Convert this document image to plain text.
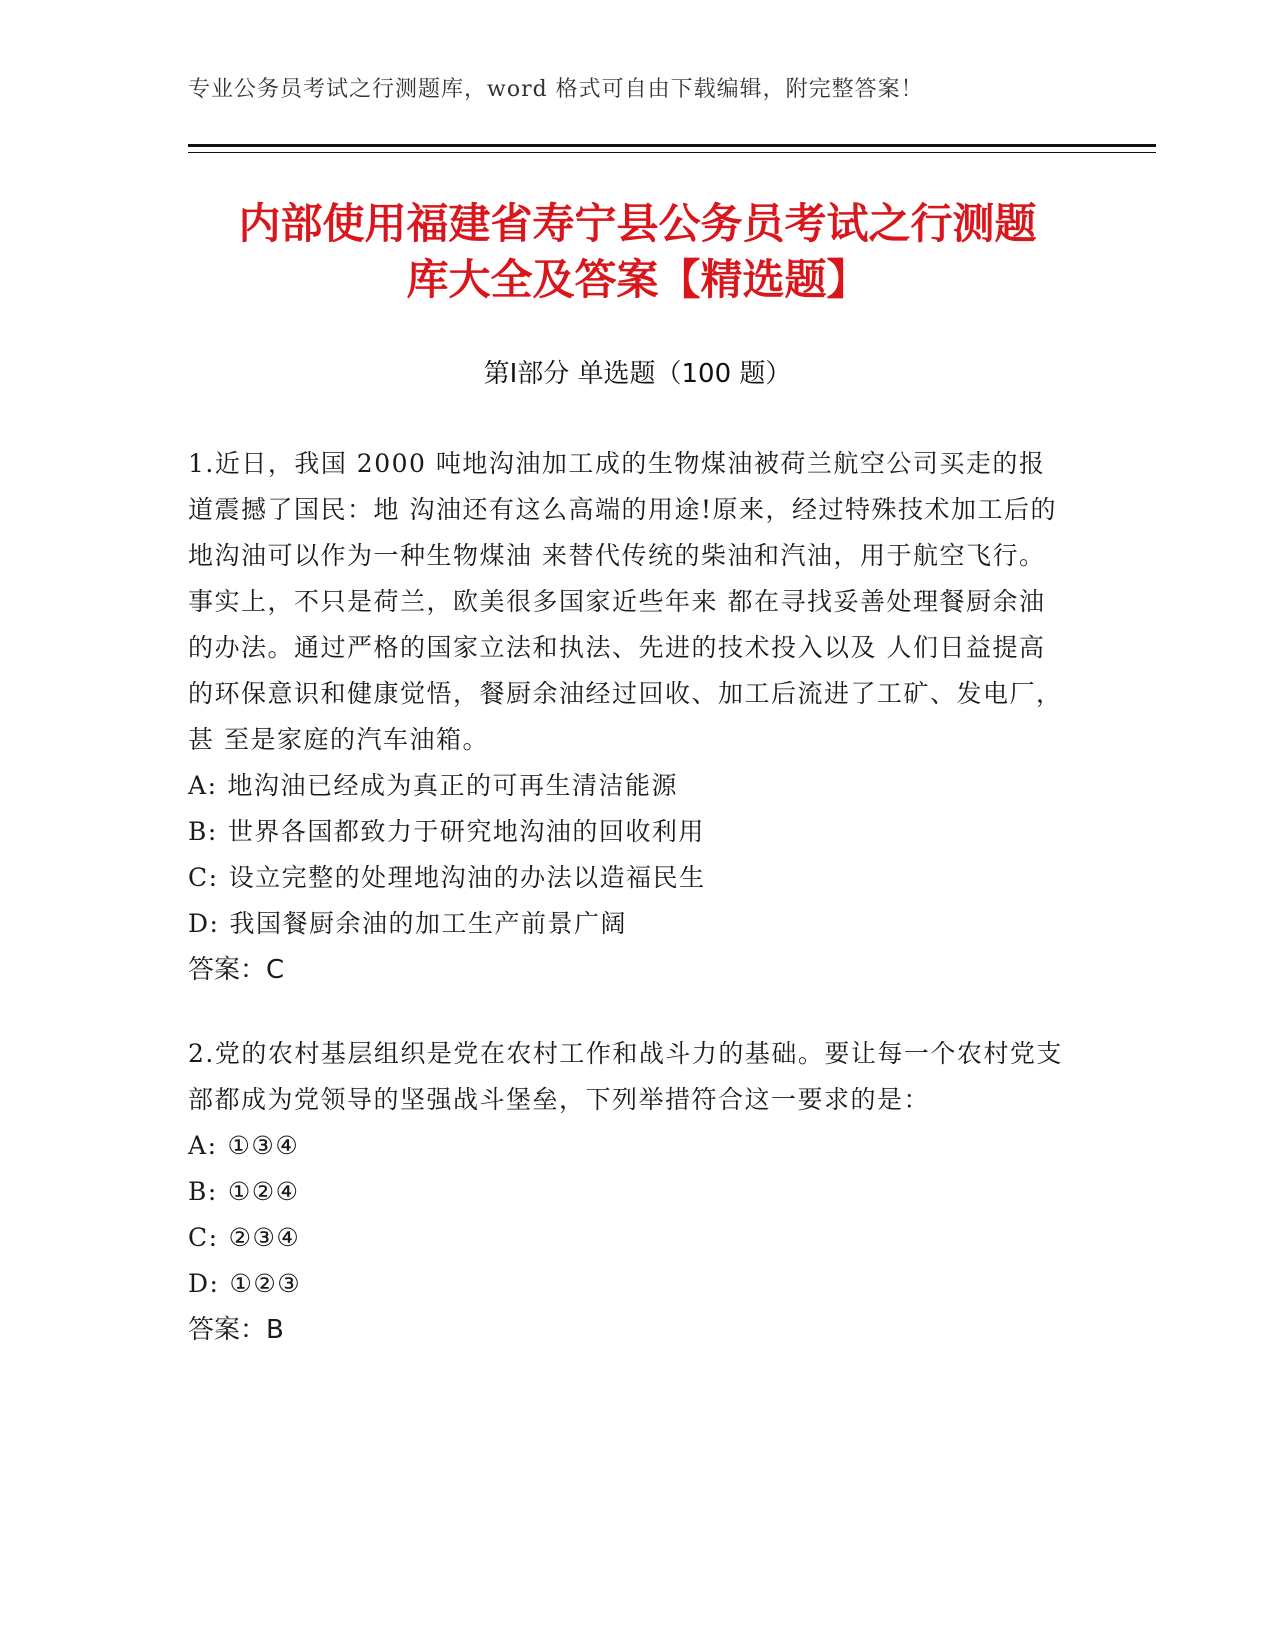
专业公务员考试之行测题库，word 格式可自由下载编辑，附完整答案！
内部使用福建省寿宁县公务员考试之行测题
库大全及答案【精选题】
第Ⅰ部分 单选题（100 题）

1.近日，我国 2000 吨地沟油加工成的生物煤油被荷兰航空公司买走的报道震撼了国民：地 沟油还有这么高端的用途!原来，经过特殊技术加工后的地沟油可以作为一种生物煤油 来替代传统的柴油和汽油，用于航空飞行。事实上，不只是荷兰，欧美很多国家近些年来 都在寻找妥善处理餐厨余油的办法。通过严格的国家立法和执法、先进的技术投入以及 人们日益提高的环保意识和健康觉悟，餐厨余油经过回收、加工后流进了工矿、发电厂，甚 至是家庭的汽车油箱。

A: 地沟油已经成为真正的可再生清洁能源

B: 世界各国都致力于研究地沟油的回收利用

C: 设立完整的处理地沟油的办法以造福民生

D: 我国餐厨余油的加工生产前景广阔

答案：C

2.党的农村基层组织是党在农村工作和战斗力的基础。要让每一个农村党支部都成为党领导的坚强战斗堡垒，下列举措符合这一要求的是：

A: ①③④

B: ①②④

C: ②③④

D: ①②③

答案：B
